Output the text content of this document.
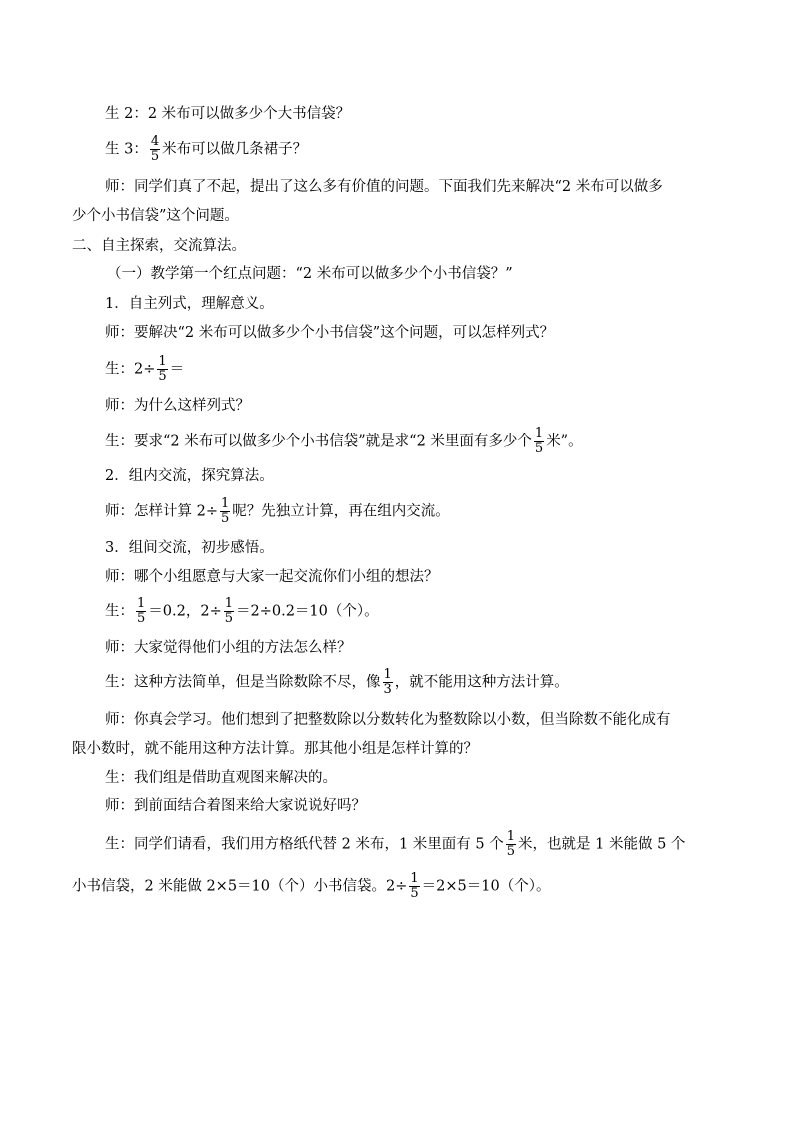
生 2：2 米布可以做多少个大书信袋？
生 3： $\frac{4}{5}$ 米布可以做几条裙子？
师：同学们真了不起，提出了这么多有价值的问题。下面我们先来解决“2 米布可以做多
少个小书信袋”这个问题。
二、自主探索，交流算法。
（一）教学第一个红点问题：“2 米布可以做多少个小书信袋？”
1．自主列式，理解意义。
师：要解决“2 米布可以做多少个小书信袋”这个问题，可以怎样列式？
生：$2\div \frac{1}{5}$ ＝
师：为什么这样列式？
生：要求“2 米布可以做多少个小书信袋”就是求“2 米里面有多少个 $\frac{1}{5}$ 米”。
2．组内交流，探究算法。
师：怎样计算 $2\div \frac{1}{5}$ 呢？先独立计算，再在组内交流。
3．组间交流，初步感悟。
师：哪个小组愿意与大家一起交流你们小组的想法？
生： $\frac{1}{5} =0.2$，$2\div \frac{1}{5} =2\div 0.2=10$（个）。
师：大家觉得他们小组的方法怎么样？
生：这种方法简单，但是当除数除不尽，像 $\frac{1}{3}$ ，就不能用这种方法计算。
师：你真会学习。他们想到了把整数除以分数转化为整数除以小数，但当除数不能化成有
限小数时，就不能用这种方法计算。那其他小组是怎样计算的？
生：我们组是借助直观图来解决的。
师：到前面结合着图来给大家说说好吗？
生：同学们请看，我们用方格纸代替 2 米布，1 米里面有 5 个 $\frac{1}{5}$ 米，也就是 1 米能做 5 个
小书信袋，2 米能做 2×5＝10（个）小书信袋。$2\div \frac{1}{5} =2\times 5=10$（个）。
